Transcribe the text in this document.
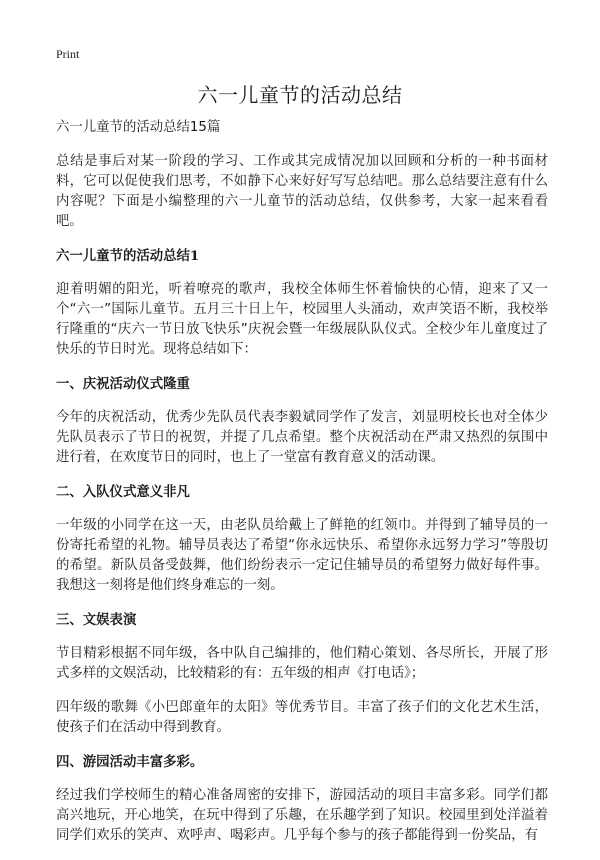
Print
六一儿童节的活动总结
六一儿童节的活动总结15篇

总结是事后对某一阶段的学习、工作或其完成情况加以回顾和分析的一种书面材料，它可以促使我们思考，不如静下心来好好写写总结吧。那么总结要注意有什么内容呢？下面是小编整理的六一儿童节的活动总结，仅供参考，大家一起来看看吧。

六一儿童节的活动总结1

迎着明媚的阳光，听着嘹亮的歌声，我校全体师生怀着愉快的心情，迎来了又一个“六一”国际儿童节。五月三十日上午，校园里人头涌动，欢声笑语不断，我校举行隆重的“庆六一节日放飞快乐”庆祝会暨一年级展队队仪式。全校少年儿童度过了快乐的节日时光。现将总结如下：

一、庆祝活动仪式隆重

今年的庆祝活动，优秀少先队员代表李毅斌同学作了发言，刘显明校长也对全体少先队员表示了节日的祝贺，并提了几点希望。整个庆祝活动在严肃又热烈的氛围中进行着，在欢度节日的同时，也上了一堂富有教育意义的活动课。

二、入队仪式意义非凡

一年级的小同学在这一天，由老队员给戴上了鲜艳的红领巾。并得到了辅导员的一份寄托希望的礼物。辅导员表达了希望“你永远快乐、希望你永远努力学习”等殷切的希望。新队员备受鼓舞，他们纷纷表示一定记住辅导员的希望努力做好每件事。我想这一刻将是他们终身难忘的一刻。

三、文娱表演

节目精彩根据不同年级，各中队自己编排的，他们精心策划、各尽所长，开展了形式多样的文娱活动，比较精彩的有：五年级的相声《打电话》；

四年级的歌舞《小巴郎童年的太阳》等优秀节目。丰富了孩子们的文化艺术生活，使孩子们在活动中得到教育。

四、游园活动丰富多彩。

经过我们学校师生的精心准备周密的安排下，游园活动的项目丰富多彩。同学们都高兴地玩，开心地笑，在玩中得到了乐趣，在乐趣学到了知识。校园里到处洋溢着同学们欢乐的笑声、欢呼声、喝彩声。几乎每个参与的孩子都能得到一份奖品，有
